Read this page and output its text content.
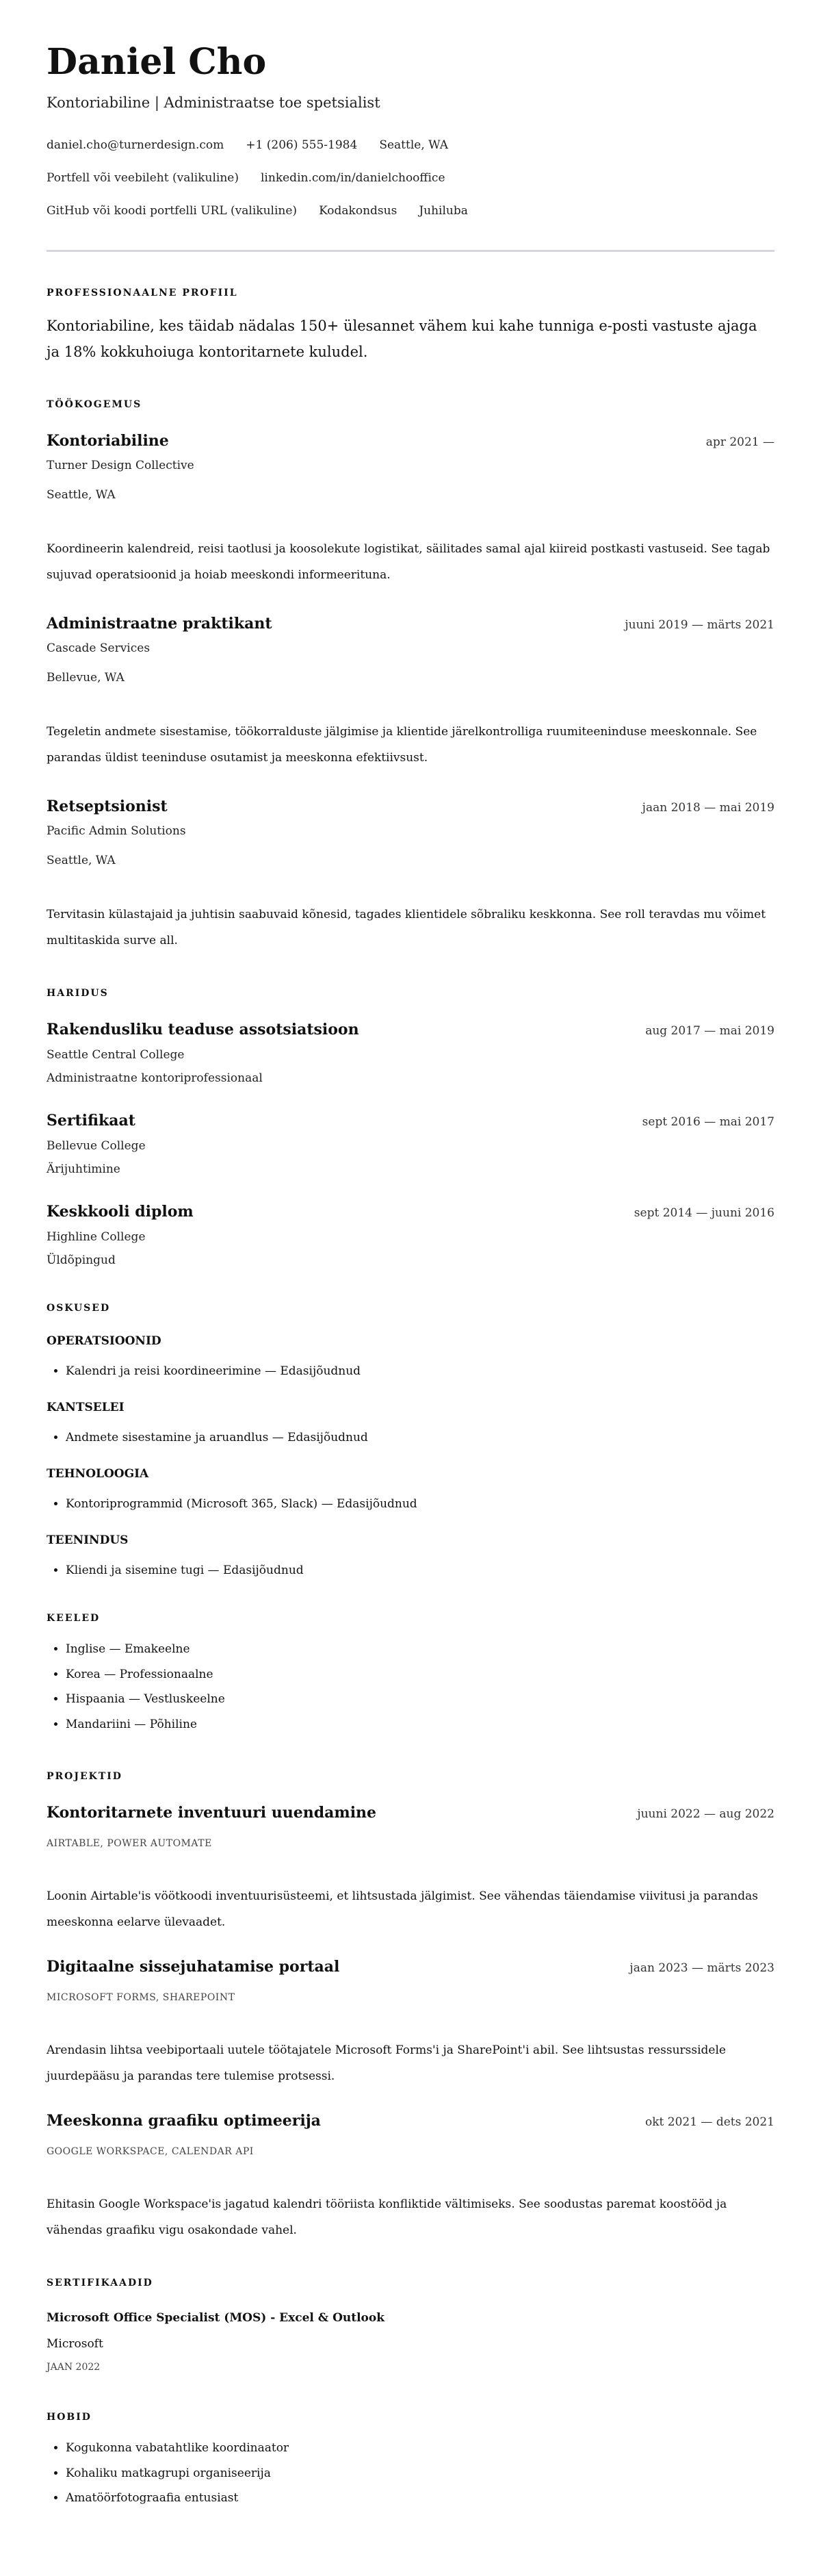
Daniel Cho
Kontoriabiline | Administraatse toe spetsialist
daniel.cho@turnerdesign.com +1 (206) 555-1984 Seattle, WA
Portfell või veebileht (valikuline) linkedin.com/in/danielchooffice
GitHub või koodi portfelli URL (valikuline) Kodakondsus Juhiluba
PROFESSIONAALNE PROFIIL
Kontoriabiline, kes täidab nädalas 150+ ülesannet vähem kui kahe tunniga e-posti vastuste ajaga ja 18% kokkuhoiuga kontoritarnete kuludel.
TÖÖKOGEMUS
Kontoriabiline	apr 2021 —
Turner Design Collective
Seattle, WA
Koordineerin kalendreid, reisi taotlusi ja koosolekute logistikat, säilitades samal ajal kiireid postkasti vastuseid. See tagab sujuvad operatsioonid ja hoiab meeskondi informeerituna.
Administraatne praktikant	juuni 2019 — märts 2021
Cascade Services
Bellevue, WA
Tegeletin andmete sisestamise, töökorralduste jälgimise ja klientide järelkontrolliga ruumiteeninduse meeskonnale. See parandas üldist teeninduse osutamist ja meeskonna efektiivsust.
Retseptsionist	jaan 2018 — mai 2019
Pacific Admin Solutions
Seattle, WA
Tervitasin külastajaid ja juhtisin saabuvaid kõnesid, tagades klientidele sõbraliku keskkonna. See roll teravdas mu võimet multitaskida surve all.
HARIDUS
Rakendusliku teaduse assotsiatsioon	aug 2017 — mai 2019
Seattle Central College
Administraatne kontoriprofessionaal
Sertifikaat	sept 2016 — mai 2017
Bellevue College
Ärijuhtimine
Keskkooli diplom	sept 2014 — juuni 2016
Highline College
Üldõpingud
OSKUSED
OPERATSIOONID
• Kalendri ja reisi koordineerimine — Edasijõudnud
KANTSELEI
• Andmete sisestamine ja aruandlus — Edasijõudnud
TEHNOLOOGIA
• Kontoriprogrammid (Microsoft 365, Slack) — Edasijõudnud
TEENINDUS
• Kliendi ja sisemine tugi — Edasijõudnud
KEELED
• Inglise — Emakeelne
• Korea — Professionaalne
• Hispaania — Vestluskeelne
• Mandariini — Põhiline
PROJEKTID
Kontoritarnete inventuuri uuendamine	juuni 2022 — aug 2022
AIRTABLE, POWER AUTOMATE
Loonin Airtable'is vöötkoodi inventuurisüsteemi, et lihtsustada jälgimist. See vähendas täiendamise viivitusi ja parandas meeskonna eelarve ülevaadet.
Digitaalne sissejuhatamise portaal	jaan 2023 — märts 2023
MICROSOFT FORMS, SHAREPOINT
Arendasin lihtsa veebiportaali uutele töötajatele Microsoft Forms'i ja SharePoint'i abil. See lihtsustas ressurssidele juurdepääsu ja parandas tere tulemise protsessi.
Meeskonna graafiku optimeerija	okt 2021 — dets 2021
GOOGLE WORKSPACE, CALENDAR API
Ehitasin Google Workspace'is jagatud kalendri tööriista konfliktide vältimiseks. See soodustas paremat koostööd ja vähendas graafiku vigu osakondade vahel.
SERTIFIKAADID
Microsoft Office Specialist (MOS) - Excel & Outlook
Microsoft
JAAN 2022
HOBID
• Kogukonna vabatahtlike koordinaator
• Kohaliku matkagrupi organiseerija
• Amatöörfotograafia entusiast
